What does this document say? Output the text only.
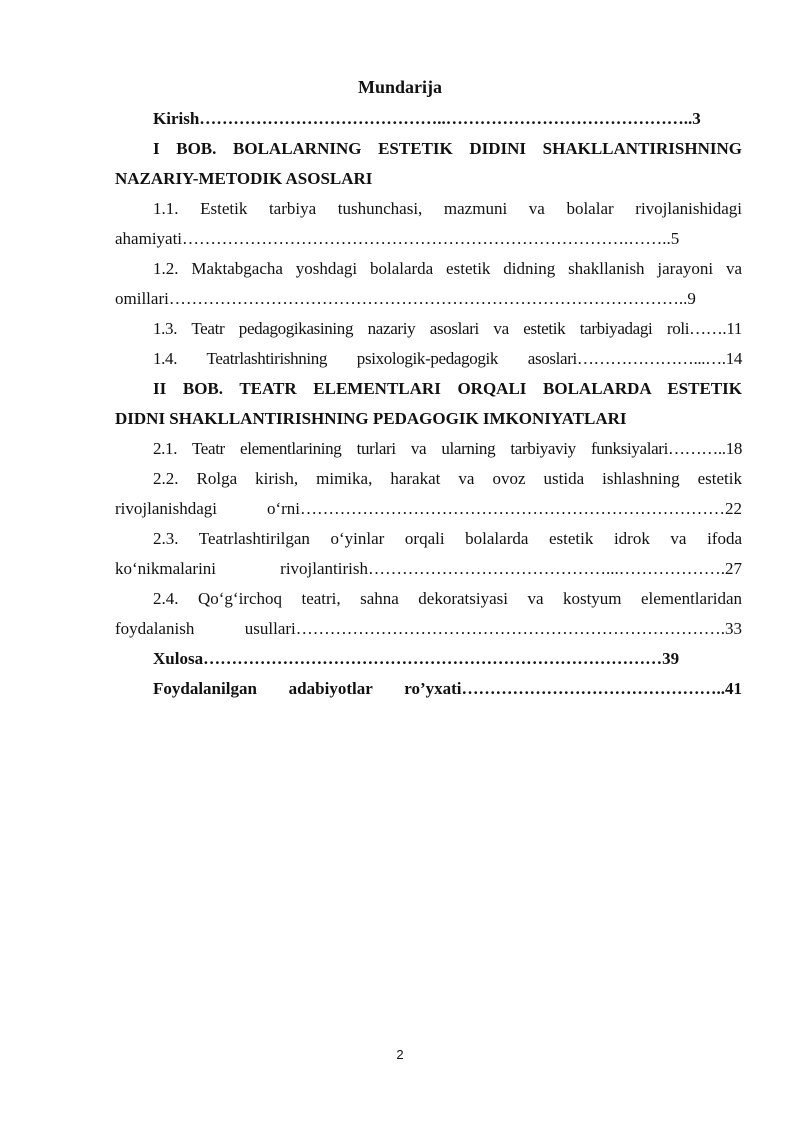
Mundarija

Kirish……………………………………..……………………………………..3

I BOB. BOLALARNING ESTETIK DIDINI SHAKLLANTIRISHNING
NAZARIY-METODIK ASOSLARI

1.1. Estetik tarbiya tushunchasi, mazmuni va bolalar rivojlanishidagi
ahamiyati…………………………………………………………………….……..5

1.2. Maktabgacha yoshdagi bolalarda estetik didning shakllanish jarayoni va
omillari………………………………………………………………………………..9

1.3. Teatr pedagogikasining nazariy asoslari va estetik tarbiyadagi roli…….11

1.4. Teatrlashtirishning psixologik-pedagogik asoslari…………………...….14

II BOB. TEATR ELEMENTLARI ORQALI BOLALARDA ESTETIK
DIDNI SHAKLLANTIRISHNING PEDAGOGIK IMKONIYATLARI

2.1. Teatr elementlarining turlari va ularning tarbiyaviy funksiyalari………..18

2.2. Rolga kirish, mimika, harakat va ovoz ustida ishlashning estetik
rivojlanishdagi o‘rni…………………………………………………………………22

2.3. Teatrlashtirilgan o‘yinlar orqali bolalarda estetik idrok va ifoda
ko‘nikmalarini rivojlantirish……………………………………...……………….27

2.4. Qo‘g‘irchoq teatri, sahna dekoratsiyasi va kostyum elementlaridan
foydalanish usullari………………………………………………………………….33

Xulosa………………………………………………………………………39

Foydalanilgan adabiyotlar ro’yxati………………………………………..41

2
